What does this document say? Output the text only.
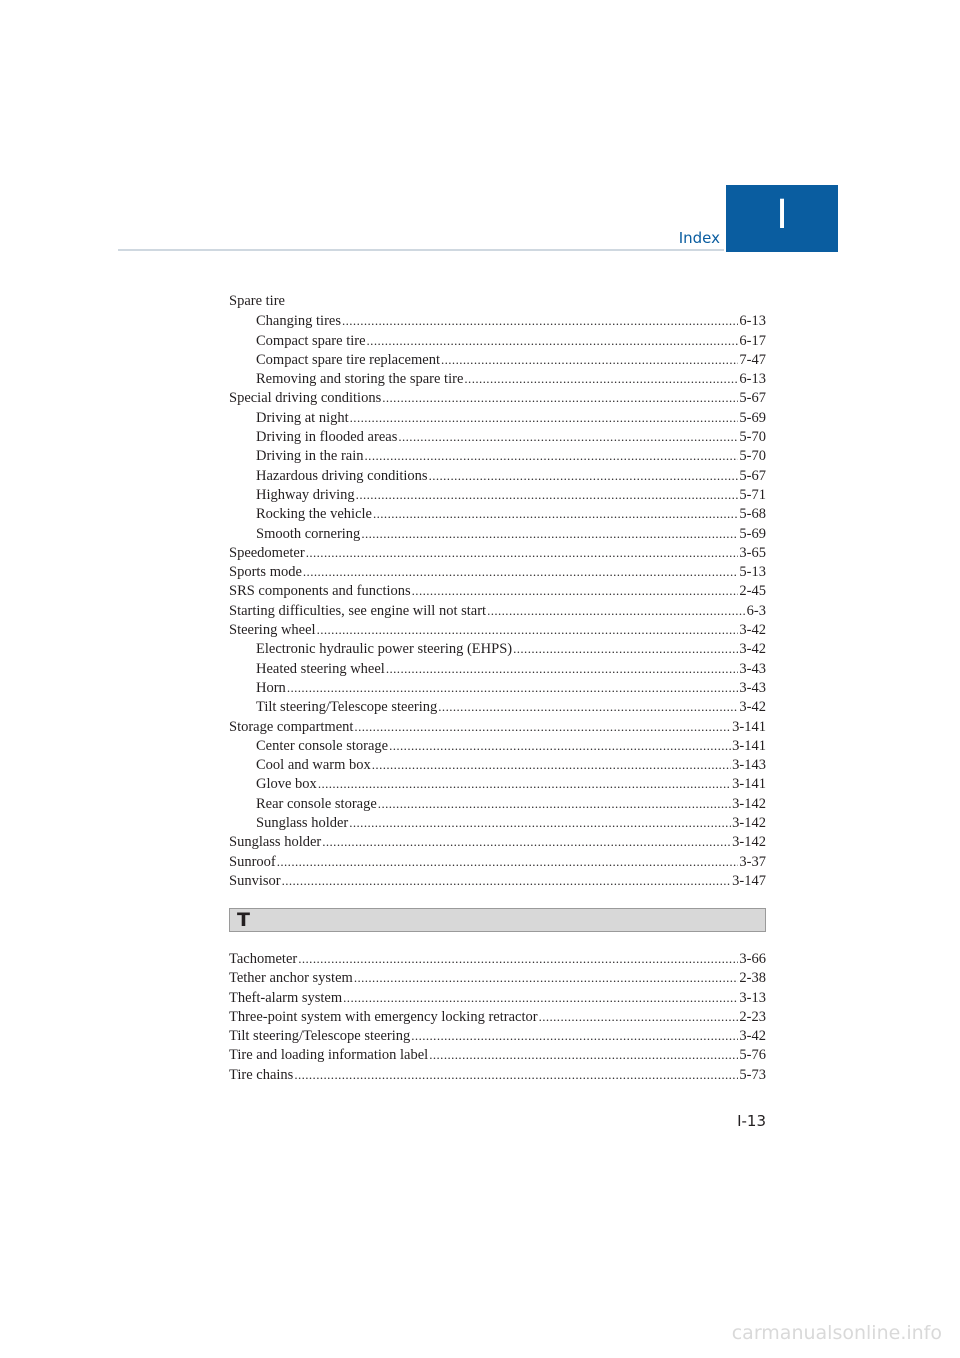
Index	I
Spare tire
Changing tires .....	6-13
Compact spare tire .....	6-17
Compact spare tire replacement .....	7-47
Removing and storing the spare tire .....	6-13
Special driving conditions .....	5-67
Driving at night .....	5-69
Driving in flooded areas .....	5-70
Driving in the rain .....	5-70
Hazardous driving conditions .....	5-67
Highway driving .....	5-71
Rocking the vehicle .....	5-68
Smooth cornering .....	5-69
Speedometer .....	3-65
Sports mode .....	5-13
SRS components and functions .....	2-45
Starting difficulties, see engine will not start .....	6-3
Steering wheel .....	3-42
Electronic hydraulic power steering (EHPS) .....	3-42
Heated steering wheel .....	3-43
Horn .....	3-43
Tilt steering/Telescope steering .....	3-42
Storage compartment .....	3-141
Center console storage .....	3-141
Cool and warm box .....	3-143
Glove box .....	3-141
Rear console storage .....	3-142
Sunglass holder .....	3-142
Sunglass holder .....	3-142
Sunroof .....	3-37
Sunvisor .....	3-147
T
Tachometer .....	3-66
Tether anchor system .....	2-38
Theft-alarm system .....	3-13
Three-point system with emergency locking retractor .....	2-23
Tilt steering/Telescope steering .....	3-42
Tire and loading information label .....	5-76
Tire chains .....	5-73
I-13
carmanualsonline.info
